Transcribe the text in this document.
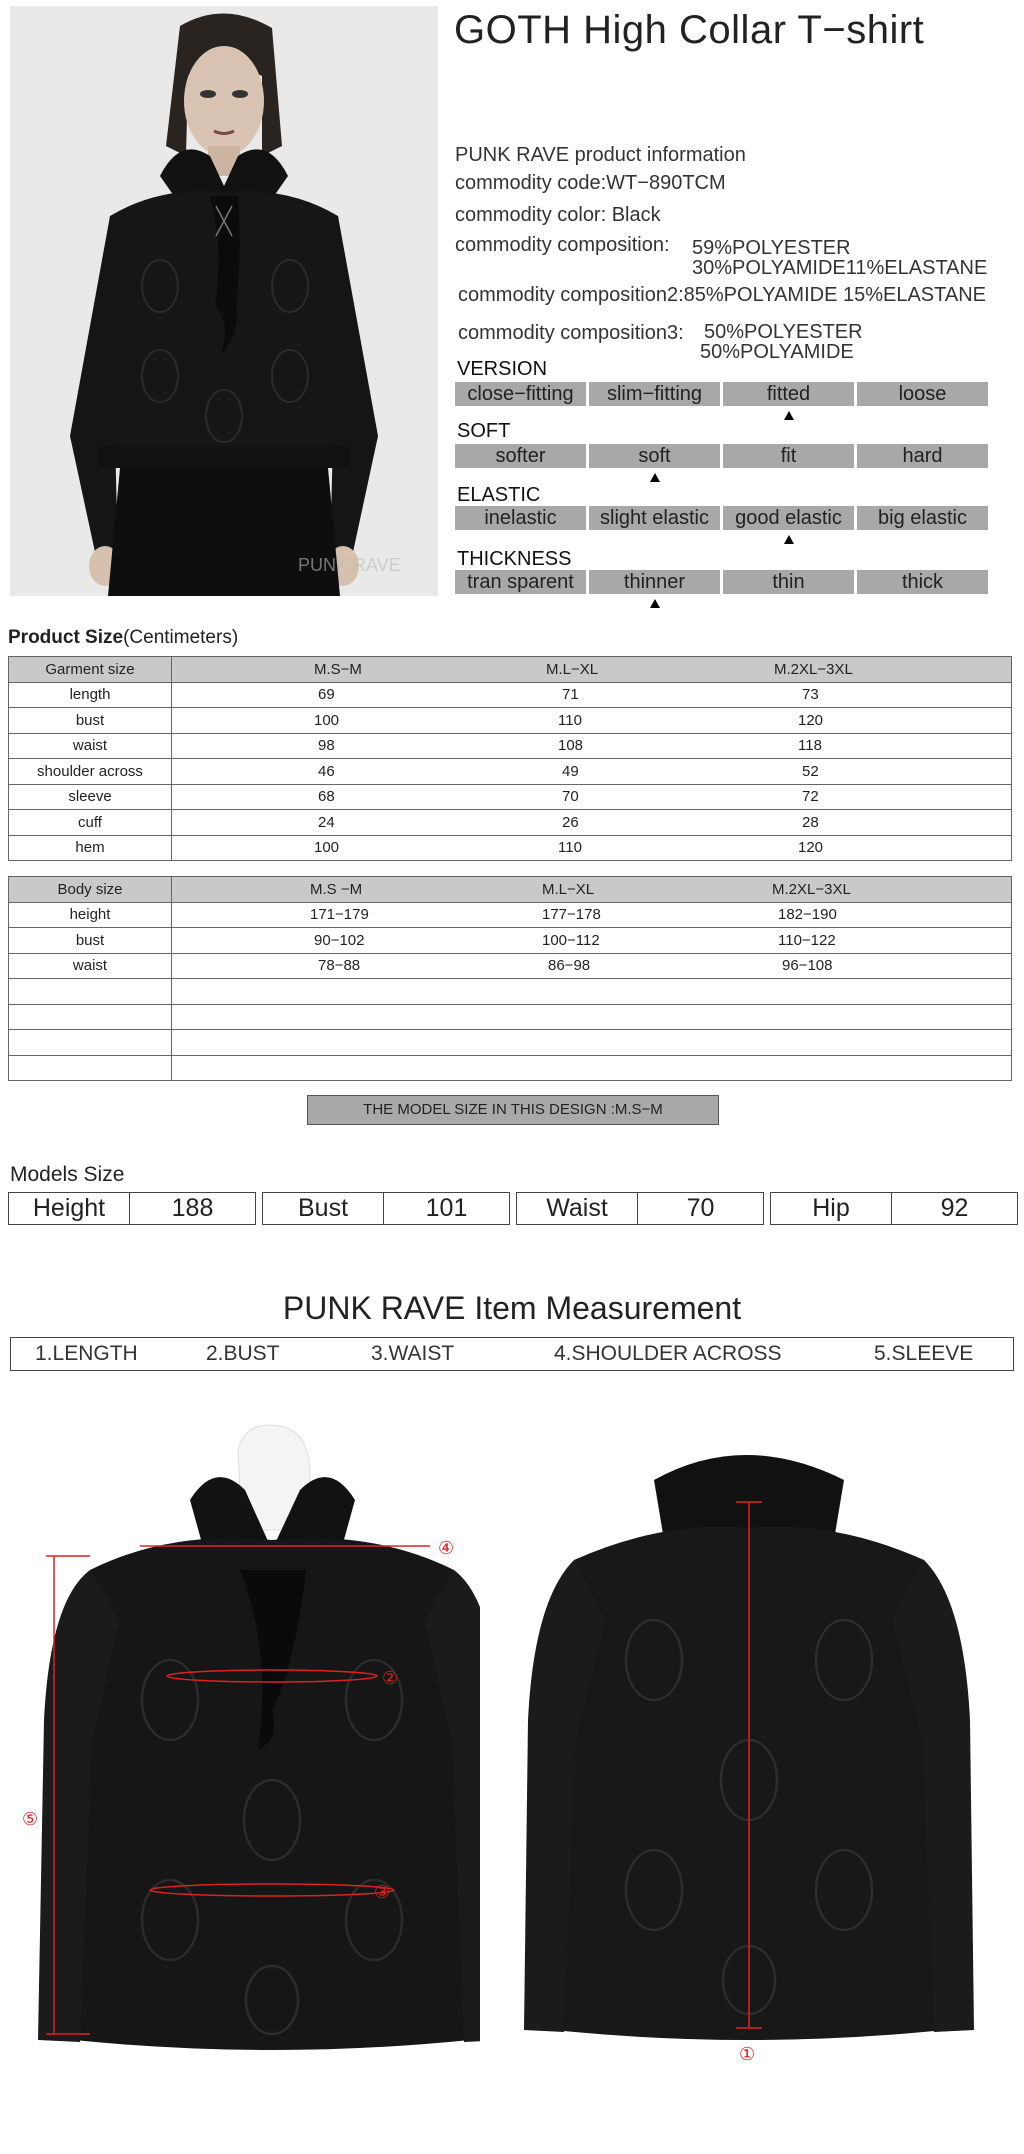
PUNK RAVE
GOTH High Collar T−shirt
PUNK RAVE product information
commodity code:WT−890TCM
commodity color: Black
commodity composition: 59%POLYESTER
30%POLYAMIDE11%ELASTANE
commodity composition2:85%POLYAMIDE 15%ELASTANE
commodity composition3: 50%POLYESTER
50%POLYAMIDE
VERSION
close−fitting	slim−fitting	fitted	loose
SOFT
softer	soft	fit	hard
ELASTIC
inelastic	slight elastic	good elastic	big elastic
THICKNESS
tran sparent	thinner	thin	thick
Product Size(Centimeters)
Garment size	M.S−M	M.L−XL	M.2XL−3XL
length	69	71	73
bust	100	110	120
waist	98	108	118
shoulder across	46	49	52
sleeve	68	70	72
cuff	24	26	28
hem	100	110	120
Body size	M.S −M	M.L−XL	M.2XL−3XL
height	171−179	177−178	182−190
bust	90−102	100−112	110−122
waist	78−88	86−98	96−108

THE MODEL SIZE IN THIS DESIGN :M.S−M
Models Size
Height	188	Bust	101	Waist	70	Hip	92
PUNK RAVE Item Measurement
1.LENGTH	2.BUST	3.WAIST	4.SHOULDER ACROSS	5.SLEEVE
④
②
③
⑤
①
